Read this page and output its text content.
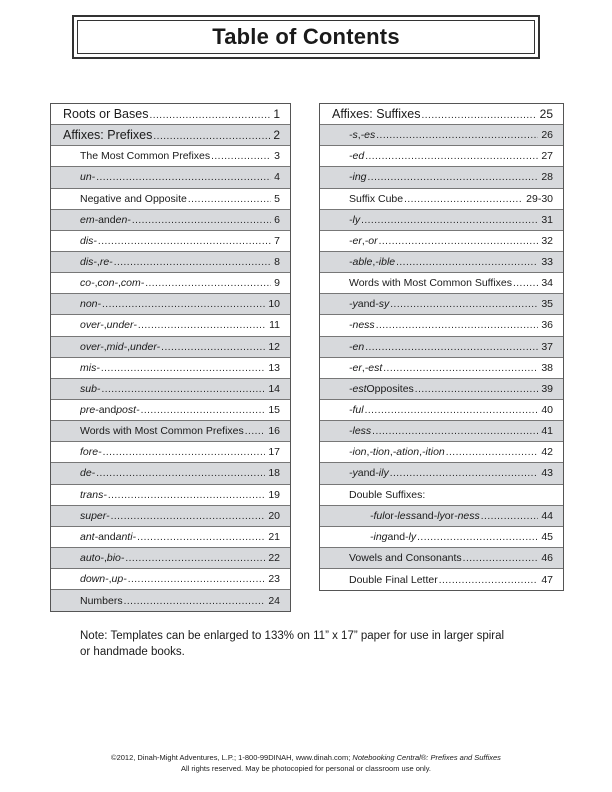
Table of Contents
Roots or Bases .....	1
Affixes: Prefixes .....	2
The Most Common Prefixes .....	3
un- .....	4
Negative and Opposite .....	5
em- and en- .....	6
dis- .....	7
dis- , re- .....	8
co- , con- , com- .....	9
non- .....	10
over- , under- .....	11
over- , mid- , under- .....	12
mis- .....	13
sub- .....	14
pre- and post- .....	15
Words with Most Common Prefixes ..... 16
fore- .....	17
de- .....	18
trans- .....	19
super- .....	20
ant- and anti- .....	21
auto- , bio- .....	22
down- , up- .....	23
Numbers .....	24
Affixes: Suffixes .....	25
-s , -es .....	26
-ed .....	27
-ing .....	28
Suffix Cube .....	29-30
-ly .....	31
-er , -or .....	32
-able , -ible .....	33
Words with Most Common Suffixes .....	34
-y and -sy .....	35
-ness .....	36
-en .....	37
-er , -est .....	38
-est Opposites .....	39
-ful .....	40
-less .....	41
-ion , -tion , -ation , -ition .....	42
-y and -ily .....	43
Double Suffixes:
-ful or -less and -ly or -ness .....	44
-ing and -ly .....	45
Vowels and Consonants .....	46
Double Final Letter .....	47
Note: Templates can be enlarged to 133% on 11” x 17” paper for use in larger spiral
or handmade books.
©2012, Dinah-Might Adventures, L.P.; 1-800-99DINAH, www.dinah.com; Notebooking Central®: Prefixes and Suffixes
All rights reserved. May be photocopied for personal or classroom use only.
